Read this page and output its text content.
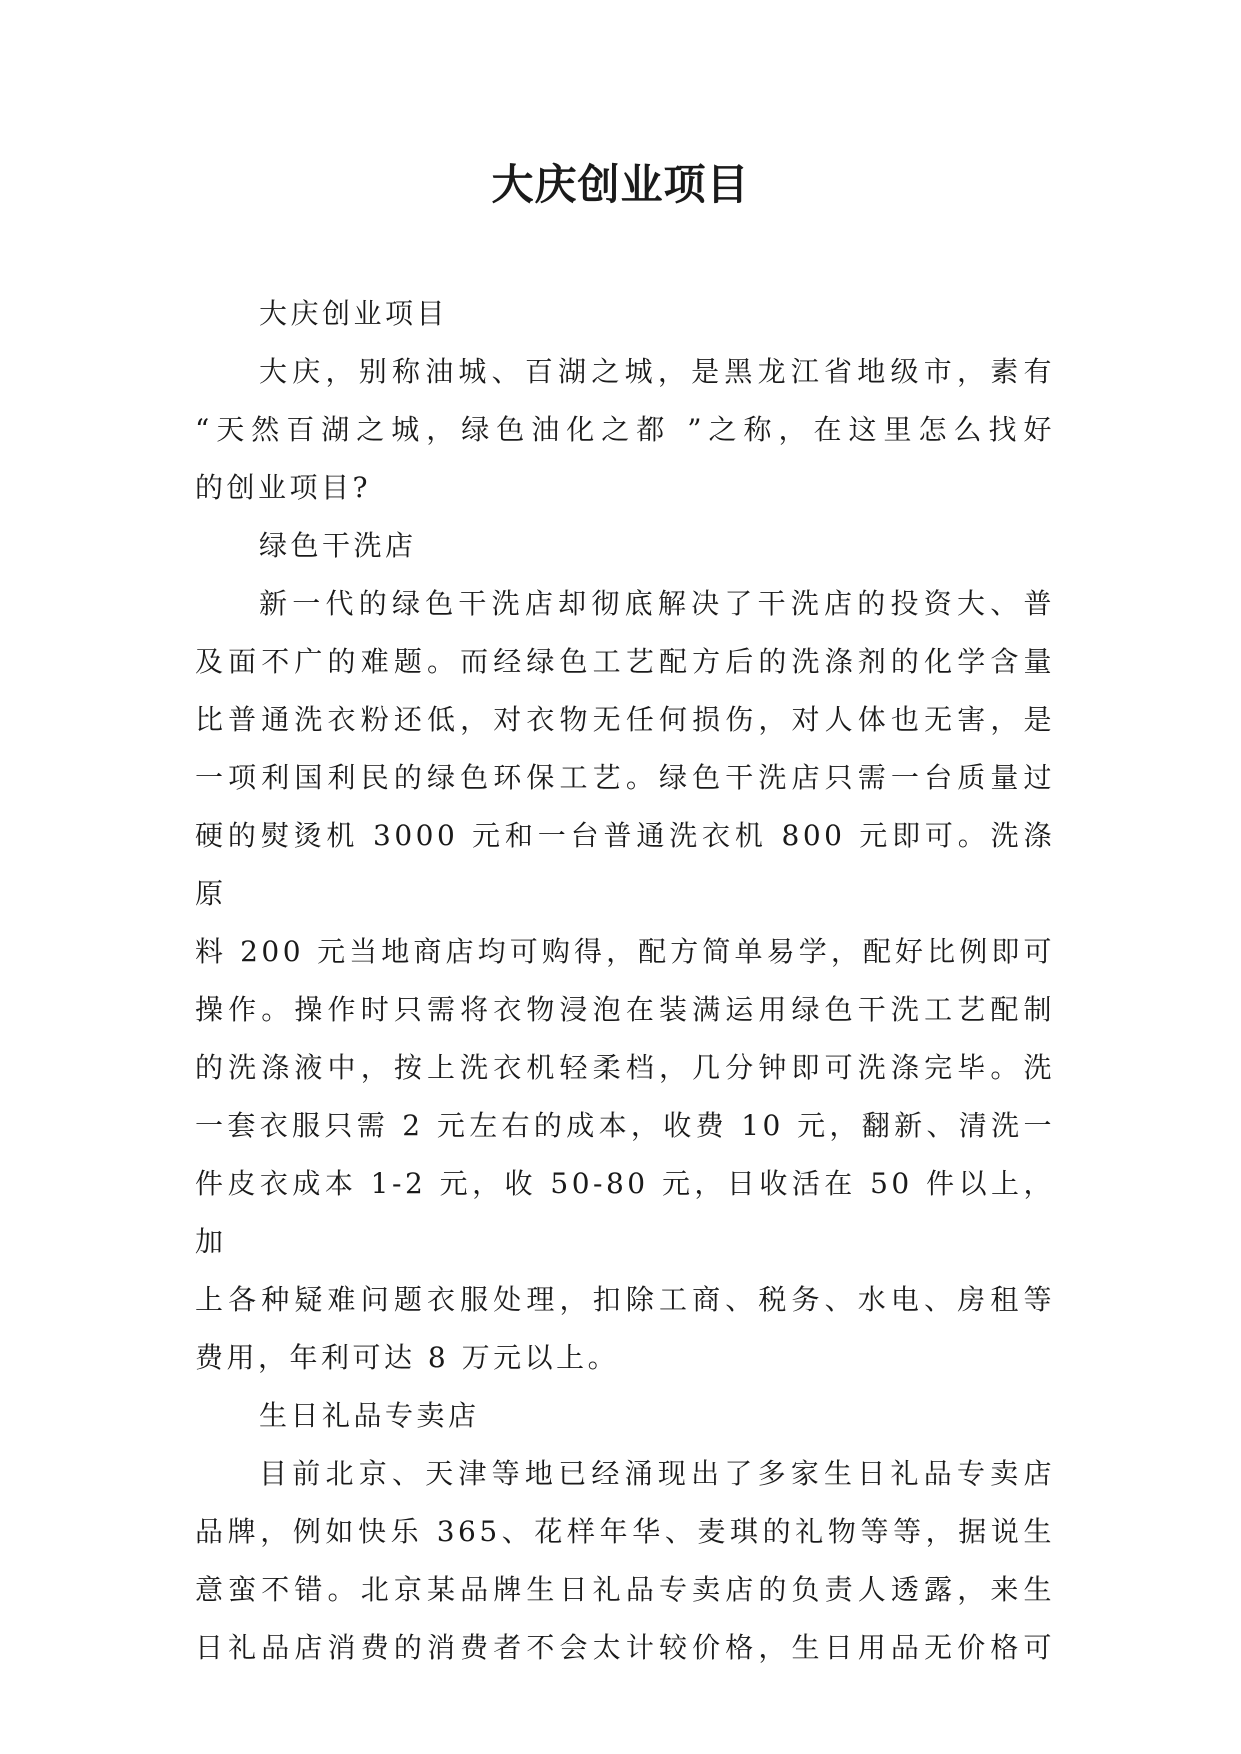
大庆创业项目

大庆创业项目

大庆，别称油城、百湖之城，是黑龙江省地级市，素有
“天然百湖之城，绿色油化之都 ”之称，在这里怎么找好
的创业项目?

绿色干洗店

新一代的绿色干洗店却彻底解决了干洗店的投资大、普
及面不广的难题。而经绿色工艺配方后的洗涤剂的化学含量
比普通洗衣粉还低，对衣物无任何损伤，对人体也无害，是
一项利国利民的绿色环保工艺。绿色干洗店只需一台质量过
硬的熨烫机 3000 元和一台普通洗衣机 800 元即可。洗涤原
料 200 元当地商店均可购得，配方简单易学，配好比例即可
操作。操作时只需将衣物浸泡在装满运用绿色干洗工艺配制
的洗涤液中，按上洗衣机轻柔档，几分钟即可洗涤完毕。洗
一套衣服只需 2 元左右的成本，收费 10 元，翻新、清洗一
件皮衣成本 1-2 元，收 50-80 元，日收活在 50 件以上，加
上各种疑难问题衣服处理，扣除工商、税务、水电、房租等
费用，年利可达 8 万元以上。

生日礼品专卖店

目前北京、天津等地已经涌现出了多家生日礼品专卖店
品牌，例如快乐 365、花样年华、麦琪的礼物等等，据说生
意蛮不错。北京某品牌生日礼品专卖店的负责人透露，来生
日礼品店消费的消费者不会太计较价格，生日用品无价格可
